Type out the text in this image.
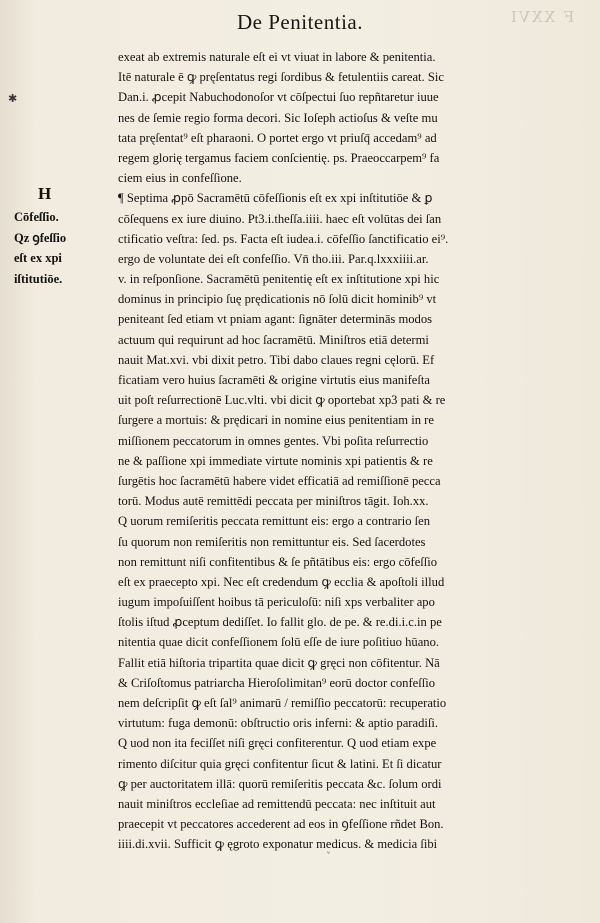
F XXVI
De Penitentia.
✱
H
Cōfeſſio.
Qz ꝯfeſſio
eſt ex xpi
iſtitutiōe.
exeat ab extremis naturale eſt ei vt viuat in labore & penitentia.
Itē naturale ē ꝙ pręſentatus regi ſordibus & fetulentiis careat. Sic
Dan.i. ꝓcepit Nabuchodonoſor vt cōſpectui ſuo repñtaretur iuue
nes de ſemie regio forma decori. Sic Ioſeph actioſus & veſte mu
tata pręſentat⁹ eſt pharaoni. O portet ergo vt priuſq̄ accedam⁹ ad
regem glorię tergamus faciem conſcientię. ps. Praeoccarpem⁹ fa
ciem eius in confeſſione.
¶ Septima ꝓpō Sacramētū cōfeſſionis eſt ex xpi inſtitutiōe & ꝑ
cōſequens ex iure diuino. Pt3.i.theſſa.iiii. haec eſt volūtas dei ſan
ctificatio veſtra: ſed. ps. Facta eſt iudea.i. cōfeſſio ſanctificatio ei⁹.
ergo de voluntate dei eſt confeſſio. Vn̄ tho.iii. Par.q.lxxxiiii.ar.
v. in reſponſione. Sacramētū penitentię eſt ex inſtitutione xpi hic
dominus in principio ſuę prędicationis nō ſolū dicit hominib⁹ vt
peniteant ſed etiam vt pniam agant: ſignāter determinās modos
actuum qui requirunt ad hoc ſacramētū. Miniſtros etiā determi
nauit Mat.xvi. vbi dixit petro. Tibi dabo claues regni cęlorū. Ef
ficatiam vero huius ſacramēti & origine virtutis eius manifeſta
uit poſt reſurrectionē Luc.vlti. vbi dicit ꝙ oportebat xp3 pati & re
ſurgere a mortuis: & prędicari in nomine eius penitentiam in re
miſſionem peccatorum in omnes gentes. Vbi poſita reſurrectio
ne & paſſione xpi immediate virtute nominis xpi patientis & re
ſurgētis hoc ſacramētū habere videt efficatiā ad remiſſionē pecca
torū. Modus autē remittēdi peccata per miniſtros tāgit. Ioh.xx.
Q uorum remiſeritis peccata remittunt eis: ergo a contrario ſen
ſu quorum non remiſeritis non remittuntur eis. Sed ſacerdotes
non remittunt niſi confitentibus & ſe pñtātibus eis: ergo cōfeſſio
eſt ex praecepto xpi. Nec eſt credendum ꝙ ecclia & apoſtoli illud
iugum impoſuiſſent hoibus tā periculoſū: niſi xps verbaliter apo
ſtolis iſtud ꝓceptum dediſſet. Io fallit glo. de pe. & re.di.i.c.in pe
nitentia quae dicit confeſſionem ſolū eſſe de iure poſitiuo hūano.
Fallit etiā hiſtoria tripartita quae dicit ꝙ gręci non cōfitentur. Nā
& Criſoſtomus patriarcha Hieroſolimitan⁹ eorū doctor confeſſio
nem deſcripſit ꝙ eſt ſal⁹ animarū / remiſſio peccatorū: recuperatio
virtutum: fuga demonū: obſtructio oris inferni: & aptio paradiſi.
Q uod non ita feciſſet niſi gręci confiterentur. Q uod etiam expe
rimento diſcitur quia gręci confitentur ſicut & latini. Et ſi dicatur
ꝙ per auctoritatem illā: quorū remiſeritis peccata &c. ſolum ordi
nauit miniſtros eccleſiae ad remittendū peccata: nec inſtituit aut
praecepit vt peccatores accederent ad eos in ꝯfeſſione rñdet Bon.
iiii.di.xvii. Sufficit ꝙ ęgroto exponatur medicus. & medicia ſibi
ˇ
